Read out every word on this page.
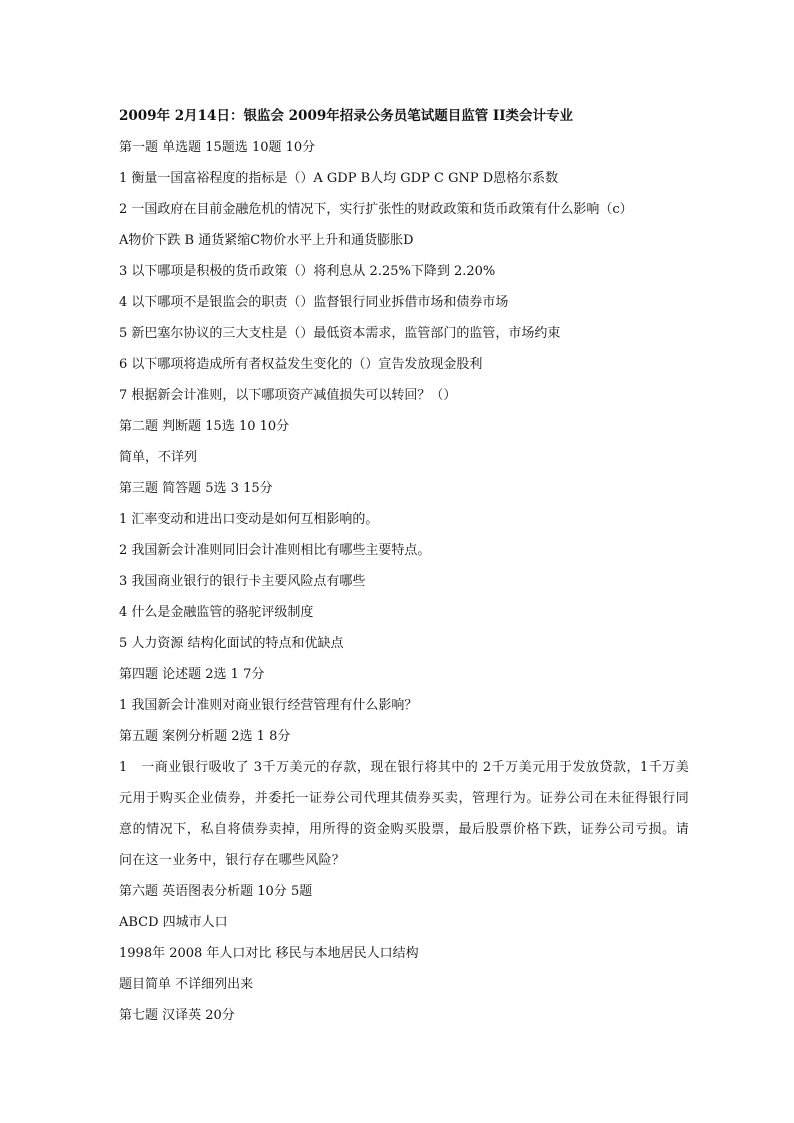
2009年 2月14日：银监会 2009年招录公务员笔试题目监管 II类会计专业
第一题 单选题 15题选 10题 10分
1 衡量一国富裕程度的指标是（）A GDP B人均 GDP C GNP D恩格尔系数
2 一国政府在目前金融危机的情况下，实行扩张性的财政政策和货币政策有什么影响（c）
A物价下跌 B 通货紧缩C物价水平上升和通货膨胀D
3 以下哪项是积极的货币政策（）将利息从 2.25%下降到 2.20%
4 以下哪项不是银监会的职责（）监督银行同业拆借市场和债券市场
5 新巴塞尔协议的三大支柱是（）最低资本需求，监管部门的监管，市场约束
6 以下哪项将造成所有者权益发生变化的（）宣告发放现金股利
7 根据新会计准则，以下哪项资产减值损失可以转回？（）
第二题 判断题 15选 10 10分
简单，不详列
第三题 简答题 5选 3 15分
1 汇率变动和进出口变动是如何互相影响的。
2 我国新会计准则同旧会计准则相比有哪些主要特点。
3 我国商业银行的银行卡主要风险点有哪些
4 什么是金融监管的骆驼评级制度
5 人力资源 结构化面试的特点和优缺点
第四题 论述题 2选 1 7分
1 我国新会计准则对商业银行经营管理有什么影响？
第五题 案例分析题 2选 1 8分
1　一商业银行吸收了 3千万美元的存款，现在银行将其中的 2千万美元用于发放贷款，1千万美元用于购买企业债券，并委托一证券公司代理其债券买卖，管理行为。证券公司在未征得银行同意的情况下，私自将债券卖掉，用所得的资金购买股票，最后股票价格下跌，证券公司亏损。请问在这一业务中，银行存在哪些风险？
第六题 英语图表分析题 10分 5题
ABCD 四城市人口
1998年 2008 年人口对比 移民与本地居民人口结构
题目简单 不详细列出来
第七题 汉译英 20分
